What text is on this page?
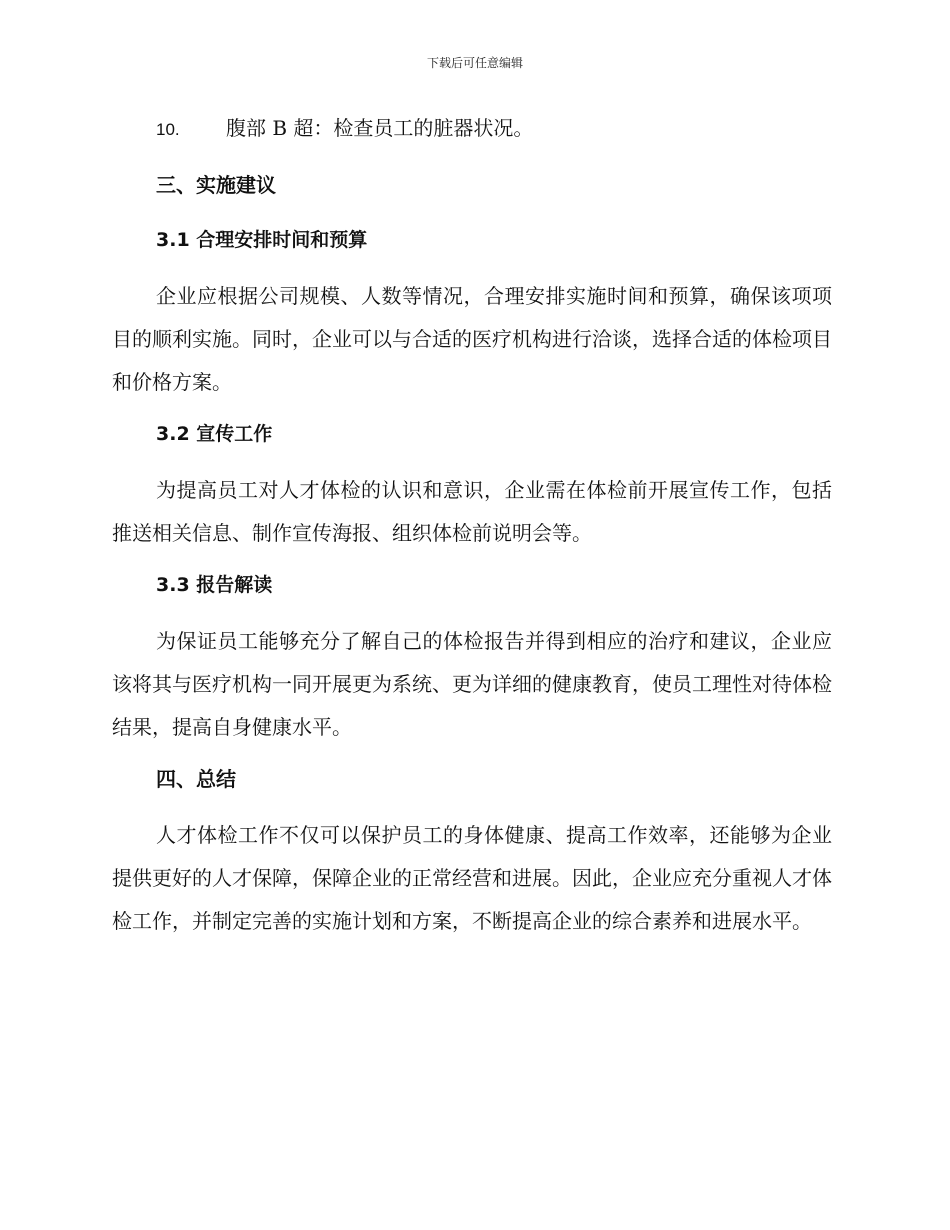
下载后可任意编辑
10. 腹部 B 超：检查员工的脏器状况。
三、实施建议
3.1 合理安排时间和预算

企业应根据公司规模、人数等情况，合理安排实施时间和预算，确保该项项目的顺利实施。同时，企业可以与合适的医疗机构进行洽谈，选择合适的体检项目和价格方案。

3.2 宣传工作

为提高员工对人才体检的认识和意识，企业需在体检前开展宣传工作，包括推送相关信息、制作宣传海报、组织体检前说明会等。

3.3 报告解读

为保证员工能够充分了解自己的体检报告并得到相应的治疗和建议，企业应该将其与医疗机构一同开展更为系统、更为详细的健康教育，使员工理性对待体检结果，提高自身健康水平。

四、总结

人才体检工作不仅可以保护员工的身体健康、提高工作效率，还能够为企业提供更好的人才保障，保障企业的正常经营和进展。因此，企业应充分重视人才体检工作，并制定完善的实施计划和方案，不断提高企业的综合素养和进展水平。
